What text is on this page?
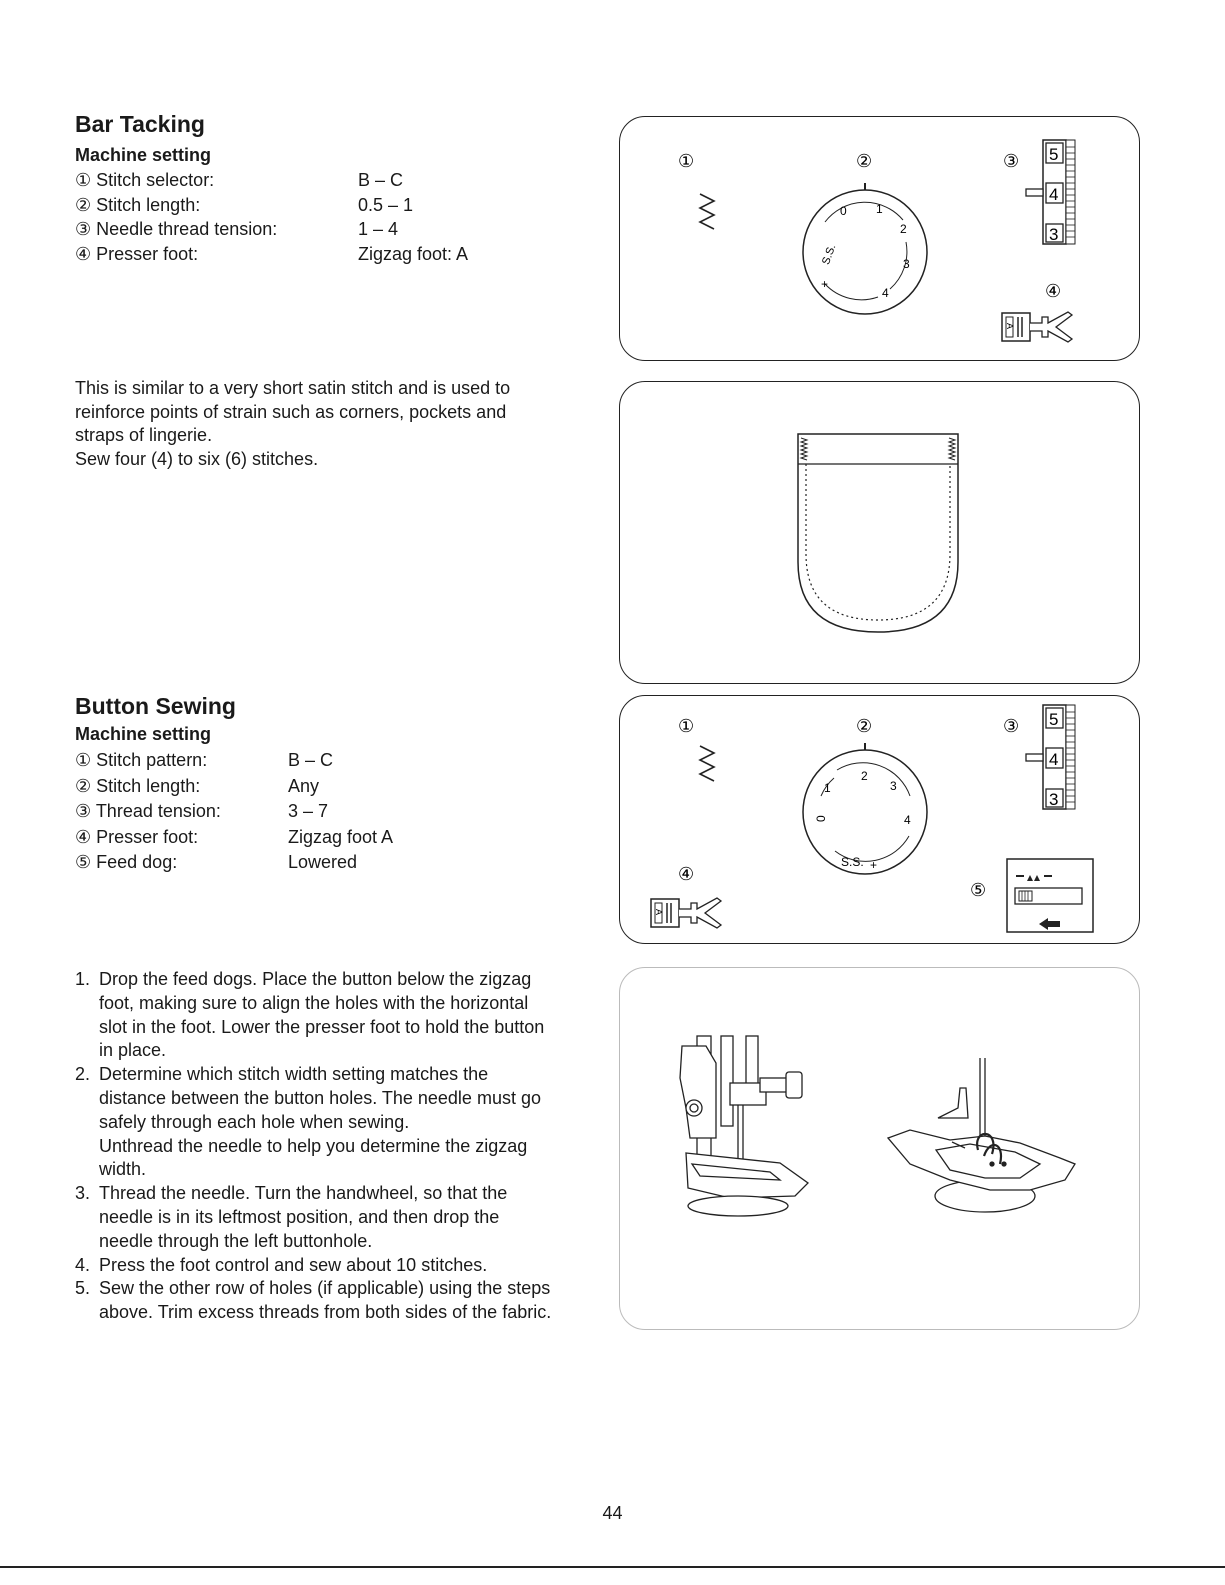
Bar Tacking
Machine setting
① Stitch selector:	B – C
② Stitch length:	0.5 – 1
③ Needle thread tension:	1 – 4
④ Presser foot:	Zigzag foot: A
This is similar to a very short satin stitch and is used to
reinforce points of strain such as corners, pockets and
straps of lingerie.
Sew four (4) to six (6) stitches.
①	②	③
④
0 1
2
3
4
S.S.
+
5
4
3
A
Button Sewing
Machine setting
① Stitch pattern:	B – C
② Stitch length:	Any
③ Thread tension:	3 – 7
④ Presser foot:	Zigzag foot A
⑤ Feed dog:	Lowered
①	②	③
④
⑤
0
1
2
3
4
S.S. +
5
4
3
A
1. Drop the feed dogs. Place the button below the zigzag
foot, making sure to align the holes with the horizontal
slot in the foot. Lower the presser foot to hold the button
in place.
2. Determine which stitch width setting matches the
distance between the button holes. The needle must go
safely through each hole when sewing.
Unthread the needle to help you determine the zigzag
width.
3. Thread the needle. Turn the handwheel, so that the
needle is in its leftmost position, and then drop the
needle through the left buttonhole.
4. Press the foot control and sew about 10 stitches.
5. Sew the other row of holes (if applicable) using the steps
above. Trim excess threads from both sides of the fabric.
44
